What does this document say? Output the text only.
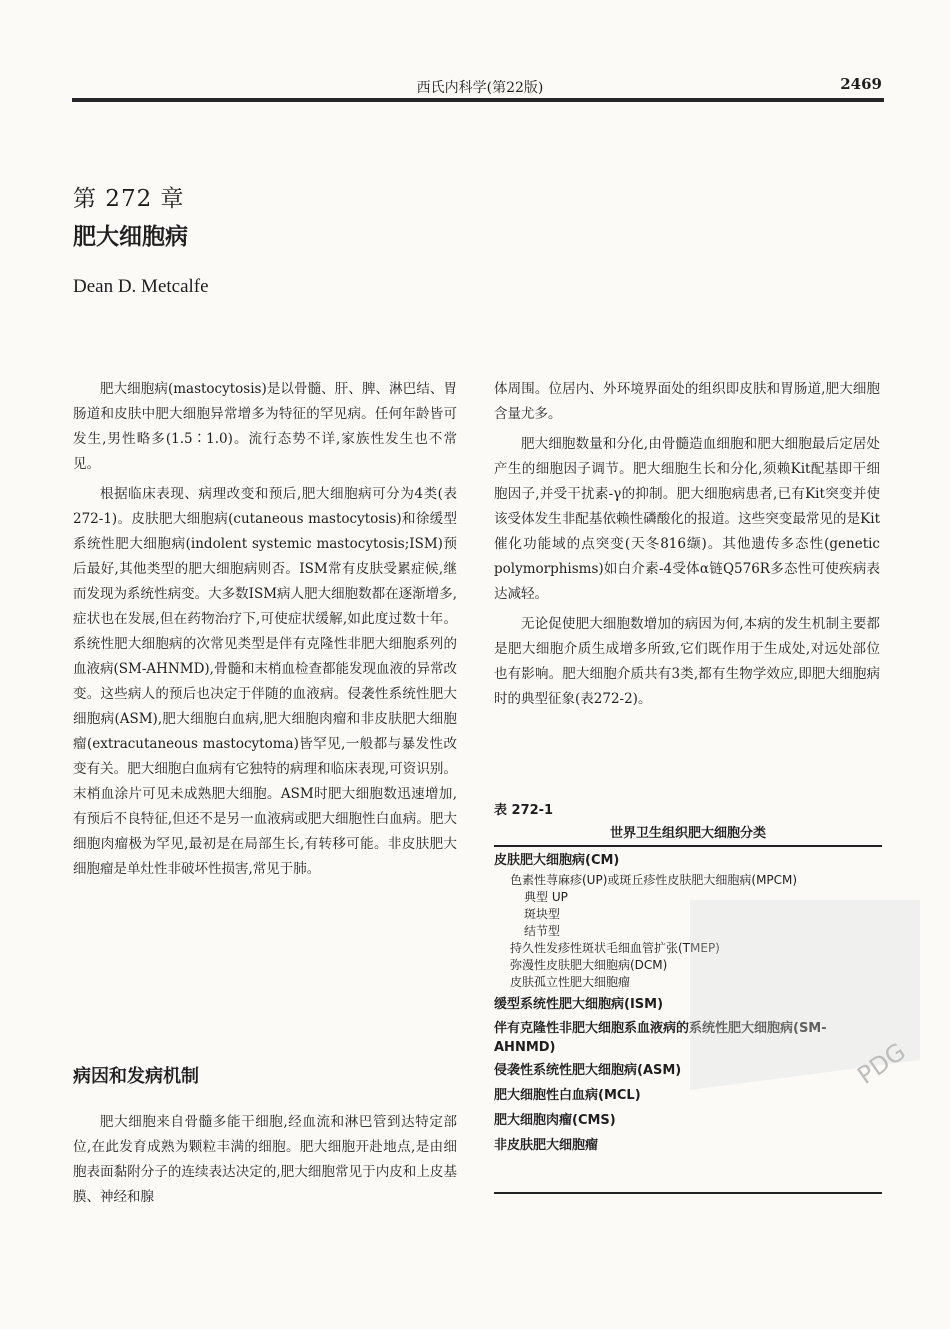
西氏内科学(第22版)	2469
第 272 章
肥大细胞病
Dean D. Metcalfe

肥大细胞病(mastocytosis)是以骨髓、肝、脾、淋巴结、胃肠道和皮肤中肥大细胞异常增多为特征的罕见病。任何年龄皆可发生,男性略多(1.5∶1.0)。流行态势不详,家族性发生也不常见。

根据临床表现、病理改变和预后,肥大细胞病可分为4类(表272-1)。皮肤肥大细胞病(cutaneous mastocytosis)和徐缓型系统性肥大细胞病(indolent systemic mastocytosis;ISM)预后最好,其他类型的肥大细胞病则否。ISM常有皮肤受累症候,继而发现为系统性病变。大多数ISM病人肥大细胞数都在逐渐增多,症状也在发展,但在药物治疗下,可使症状缓解,如此度过数十年。系统性肥大细胞病的次常见类型是伴有克隆性非肥大细胞系列的血液病(SM-AHNMD),骨髓和末梢血检查都能发现血液的异常改变。这些病人的预后也决定于伴随的血液病。侵袭性系统性肥大细胞病(ASM),肥大细胞白血病,肥大细胞肉瘤和非皮肤肥大细胞瘤(extracutaneous mastocytoma)皆罕见,一般都与暴发性改变有关。肥大细胞白血病有它独特的病理和临床表现,可资识别。末梢血涂片可见未成熟肥大细胞。ASM时肥大细胞数迅速增加,有预后不良特征,但还不是另一血液病或肥大细胞性白血病。肥大细胞肉瘤极为罕见,最初是在局部生长,有转移可能。非皮肤肥大细胞瘤是单灶性非破坏性损害,常见于肺。

病因和发病机制

肥大细胞来自骨髓多能干细胞,经血流和淋巴管到达特定部位,在此发育成熟为颗粒丰满的细胞。肥大细胞开赴地点,是由细胞表面黏附分子的连续表达决定的,肥大细胞常见于内皮和上皮基膜、神经和腺

体周围。位居内、外环境界面处的组织即皮肤和胃肠道,肥大细胞含量尤多。

肥大细胞数量和分化,由骨髓造血细胞和肥大细胞最后定居处产生的细胞因子调节。肥大细胞生长和分化,须赖Kit配基即干细胞因子,并受干扰素-γ的抑制。肥大细胞病患者,已有Kit突变并使该受体发生非配基依赖性磷酸化的报道。这些突变最常见的是Kit催化功能域的点突变(天冬816缬)。其他遗传多态性(genetic polymorphisms)如白介素-4受体α链Q576R多态性可使疾病表达减轻。

无论促使肥大细胞数增加的病因为何,本病的发生机制主要都是肥大细胞介质生成增多所致,它们既作用于生成处,对远处部位也有影响。肥大细胞介质共有3类,都有生物学效应,即肥大细胞病时的典型征象(表272-2)。

表 272-1
世界卫生组织肥大细胞分类
皮肤肥大细胞病(CM)
色素性荨麻疹(UP)或斑丘疹性皮肤肥大细胞病(MPCM)
典型 UP
斑块型
结节型
持久性发疹性斑状毛细血管扩张(TMEP)
弥漫性皮肤肥大细胞病(DCM)
皮肤孤立性肥大细胞瘤
缓型系统性肥大细胞病(ISM)
伴有克隆性非肥大细胞系血液病的系统性肥大细胞病(SM-AHNMD)
侵袭性系统性肥大细胞病(ASM)
肥大细胞性白血病(MCL)
肥大细胞肉瘤(CMS)
非皮肤肥大细胞瘤
PDG
